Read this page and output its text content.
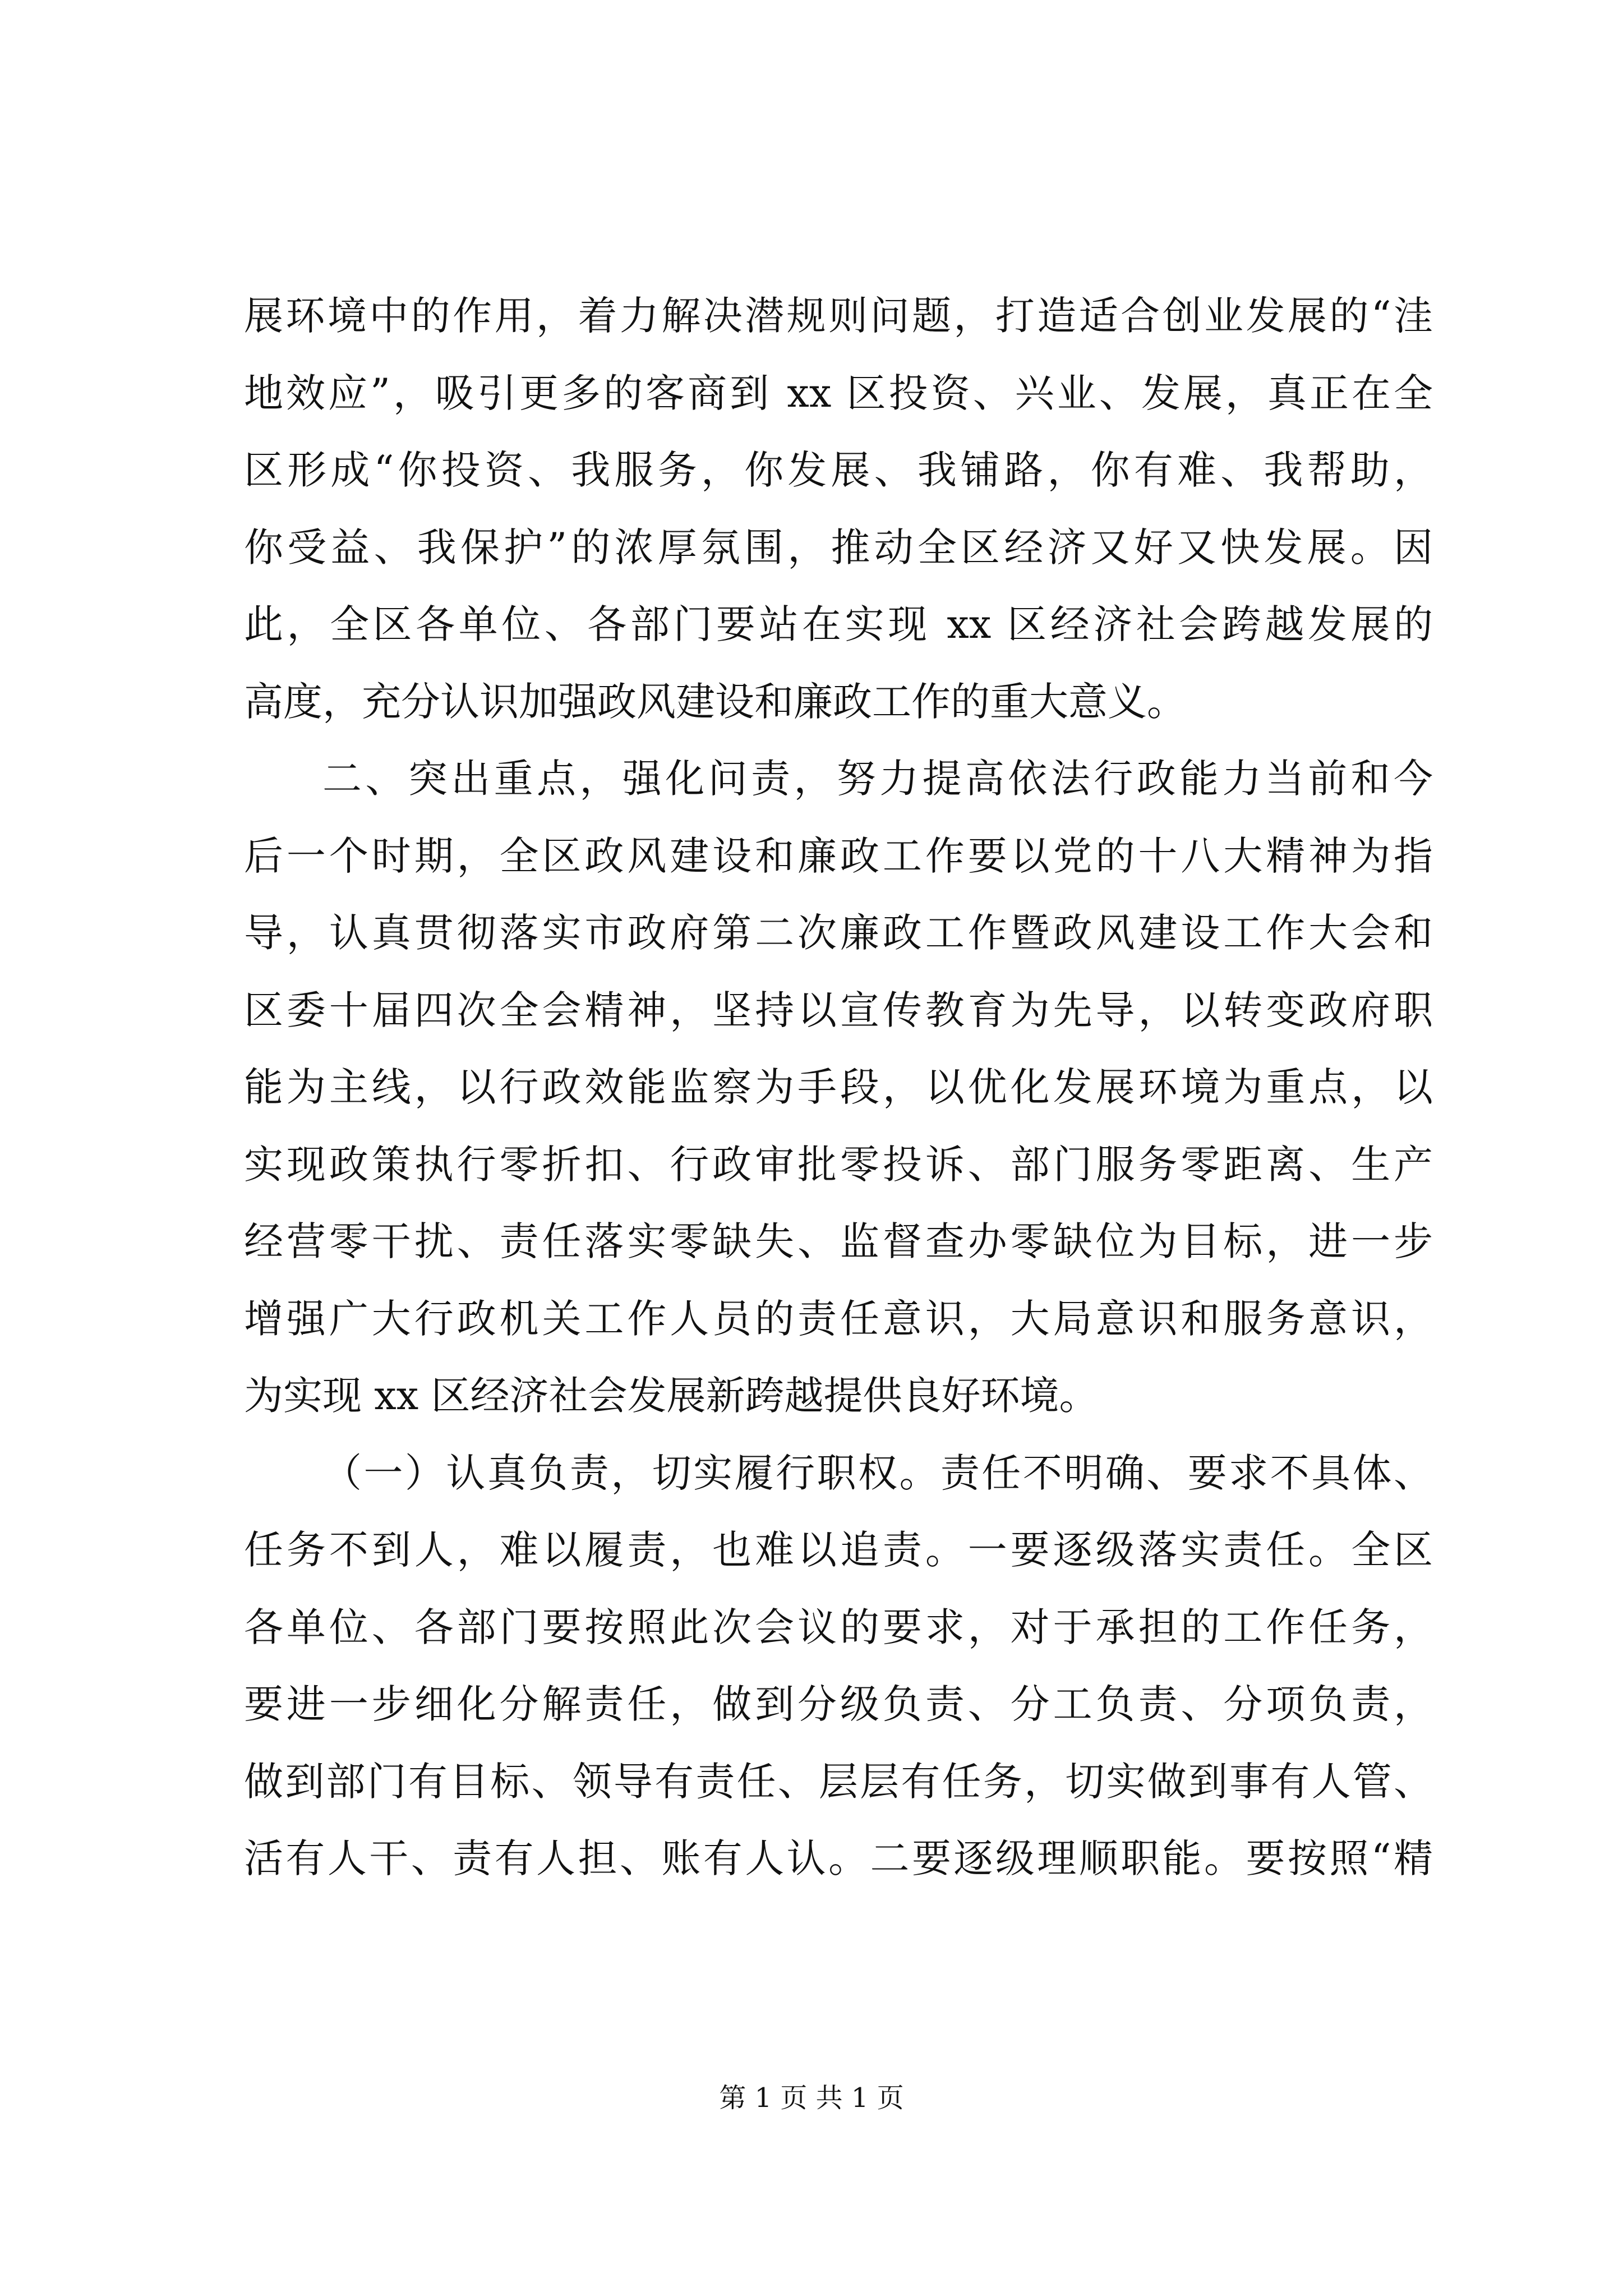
展环境中的作用，着力解决潜规则问题，打造适合创业发展的“洼
地效应”，吸引更多的客商到 xx 区投资、兴业、发展，真正在全
区形成“你投资、我服务，你发展、我铺路，你有难、我帮助，
你受益、我保护”的浓厚氛围，推动全区经济又好又快发展。因
此，全区各单位、各部门要站在实现 xx 区经济社会跨越发展的
高度，充分认识加强政风建设和廉政工作的重大意义。
二、突出重点，强化问责，努力提高依法行政能力当前和今
后一个时期，全区政风建设和廉政工作要以党的十八大精神为指
导，认真贯彻落实市政府第二次廉政工作暨政风建设工作大会和
区委十届四次全会精神，坚持以宣传教育为先导，以转变政府职
能为主线，以行政效能监察为手段，以优化发展环境为重点，以
实现政策执行零折扣、行政审批零投诉、部门服务零距离、生产
经营零干扰、责任落实零缺失、监督查办零缺位为目标，进一步
增强广大行政机关工作人员的责任意识，大局意识和服务意识，
为实现 xx 区经济社会发展新跨越提供良好环境。
（一）认真负责，切实履行职权。责任不明确、要求不具体、
任务不到人，难以履责，也难以追责。一要逐级落实责任。全区
各单位、各部门要按照此次会议的要求，对于承担的工作任务，
要进一步细化分解责任，做到分级负责、分工负责、分项负责，
做到部门有目标、领导有责任、层层有任务，切实做到事有人管、
活有人干、责有人担、账有人认。二要逐级理顺职能。要按照“精
第 1 页 共 1 页
